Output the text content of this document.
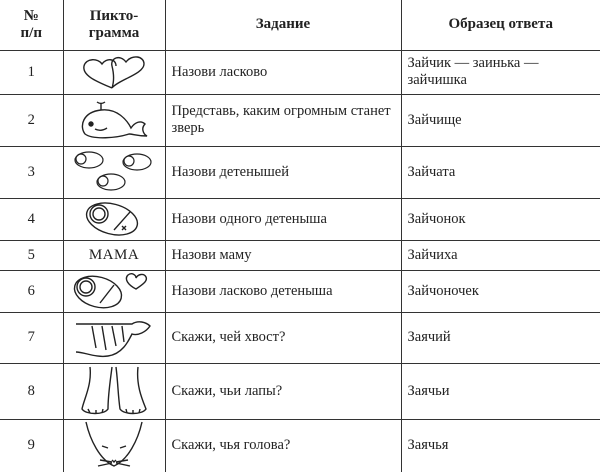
№
п/п	Пикто-
грамма	Задание	Образец ответа
1		Назови ласково	Зайчик — заинька — зайчишка
2	
	Представь, каким огромным станет зверь	Зайчище
3		Назови детенышей	Зайчата
4		Назови одного детеныша	Зайчонок
5	МАМА	Назови маму	Зайчиха
6		Назови ласково детеныша	Зайчоночек
7		Скажи, чей хвост?	Заячий
8		Скажи, чьи лапы?	Заячьи
9		Скажи, чья голова?	Заячья
